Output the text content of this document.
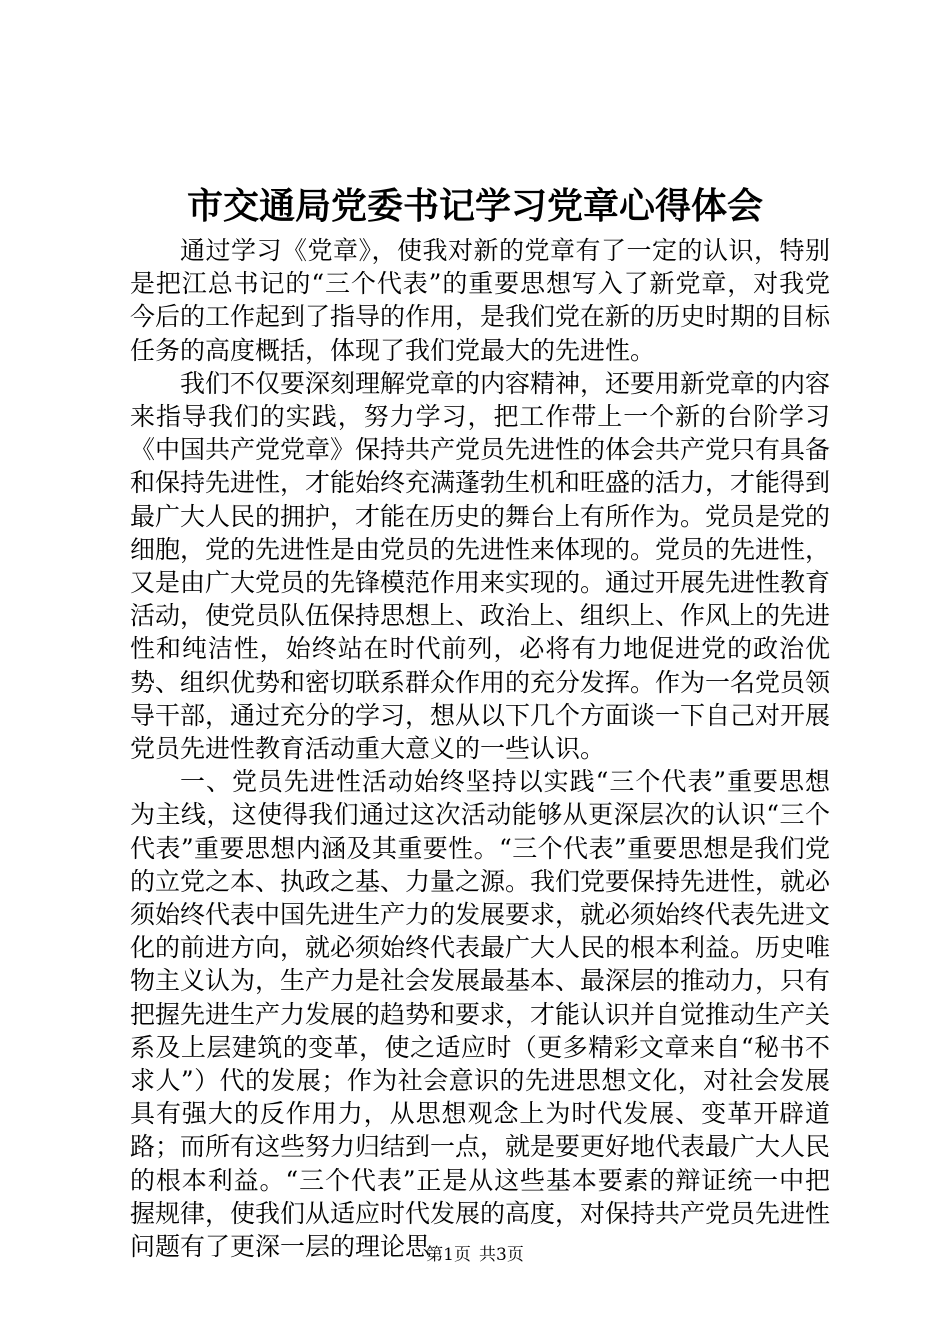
市交通局党委书记学习党章心得体会

通过学习《党章》，使我对新的党章有了一定的认识，特别是把江总书记的“三个代表”的重要思想写入了新党章，对我党今后的工作起到了指导的作用，是我们党在新的历史时期的目标任务的高度概括，体现了我们党最大的先进性。

我们不仅要深刻理解党章的内容精神，还要用新党章的内容来指导我们的实践，努力学习，把工作带上一个新的台阶学习《中国共产党党章》保持共产党员先进性的体会共产党只有具备和保持先进性，才能始终充满蓬勃生机和旺盛的活力，才能得到最广大人民的拥护，才能在历史的舞台上有所作为。党员是党的细胞，党的先进性是由党员的先进性来体现的。党员的先进性，又是由广大党员的先锋模范作用来实现的。通过开展先进性教育活动，使党员队伍保持思想上、政治上、组织上、作风上的先进性和纯洁性，始终站在时代前列，必将有力地促进党的政治优势、组织优势和密切联系群众作用的充分发挥。作为一名党员领导干部，通过充分的学习，想从以下几个方面谈一下自己对开展党员先进性教育活动重大意义的一些认识。

一、党员先进性活动始终坚持以实践“三个代表”重要思想为主线，这使得我们通过这次活动能够从更深层次的认识“三个代表”重要思想内涵及其重要性。“三个代表”重要思想是我们党的立党之本、执政之基、力量之源。我们党要保持先进性，就必须始终代表中国先进生产力的发展要求，就必须始终代表先进文化的前进方向，就必须始终代表最广大人民的根本利益。历史唯物主义认为，生产力是社会发展最基本、最深层的推动力，只有把握先进生产力发展的趋势和要求，才能认识并自觉推动生产关系及上层建筑的变革，使之适应时（更多精彩文章来自“秘书不求人”）代的发展；作为社会意识的先进思想文化，对社会发展具有强大的反作用力，从思想观念上为时代发展、变革开辟道路；而所有这些努力归结到一点，就是要更好地代表最广大人民的根本利益。“三个代表”正是从这些基本要素的辩证统一中把握规律，使我们从适应时代发展的高度，对保持共产党员先进性问题有了更深一层的理论思

第1页 共3页
